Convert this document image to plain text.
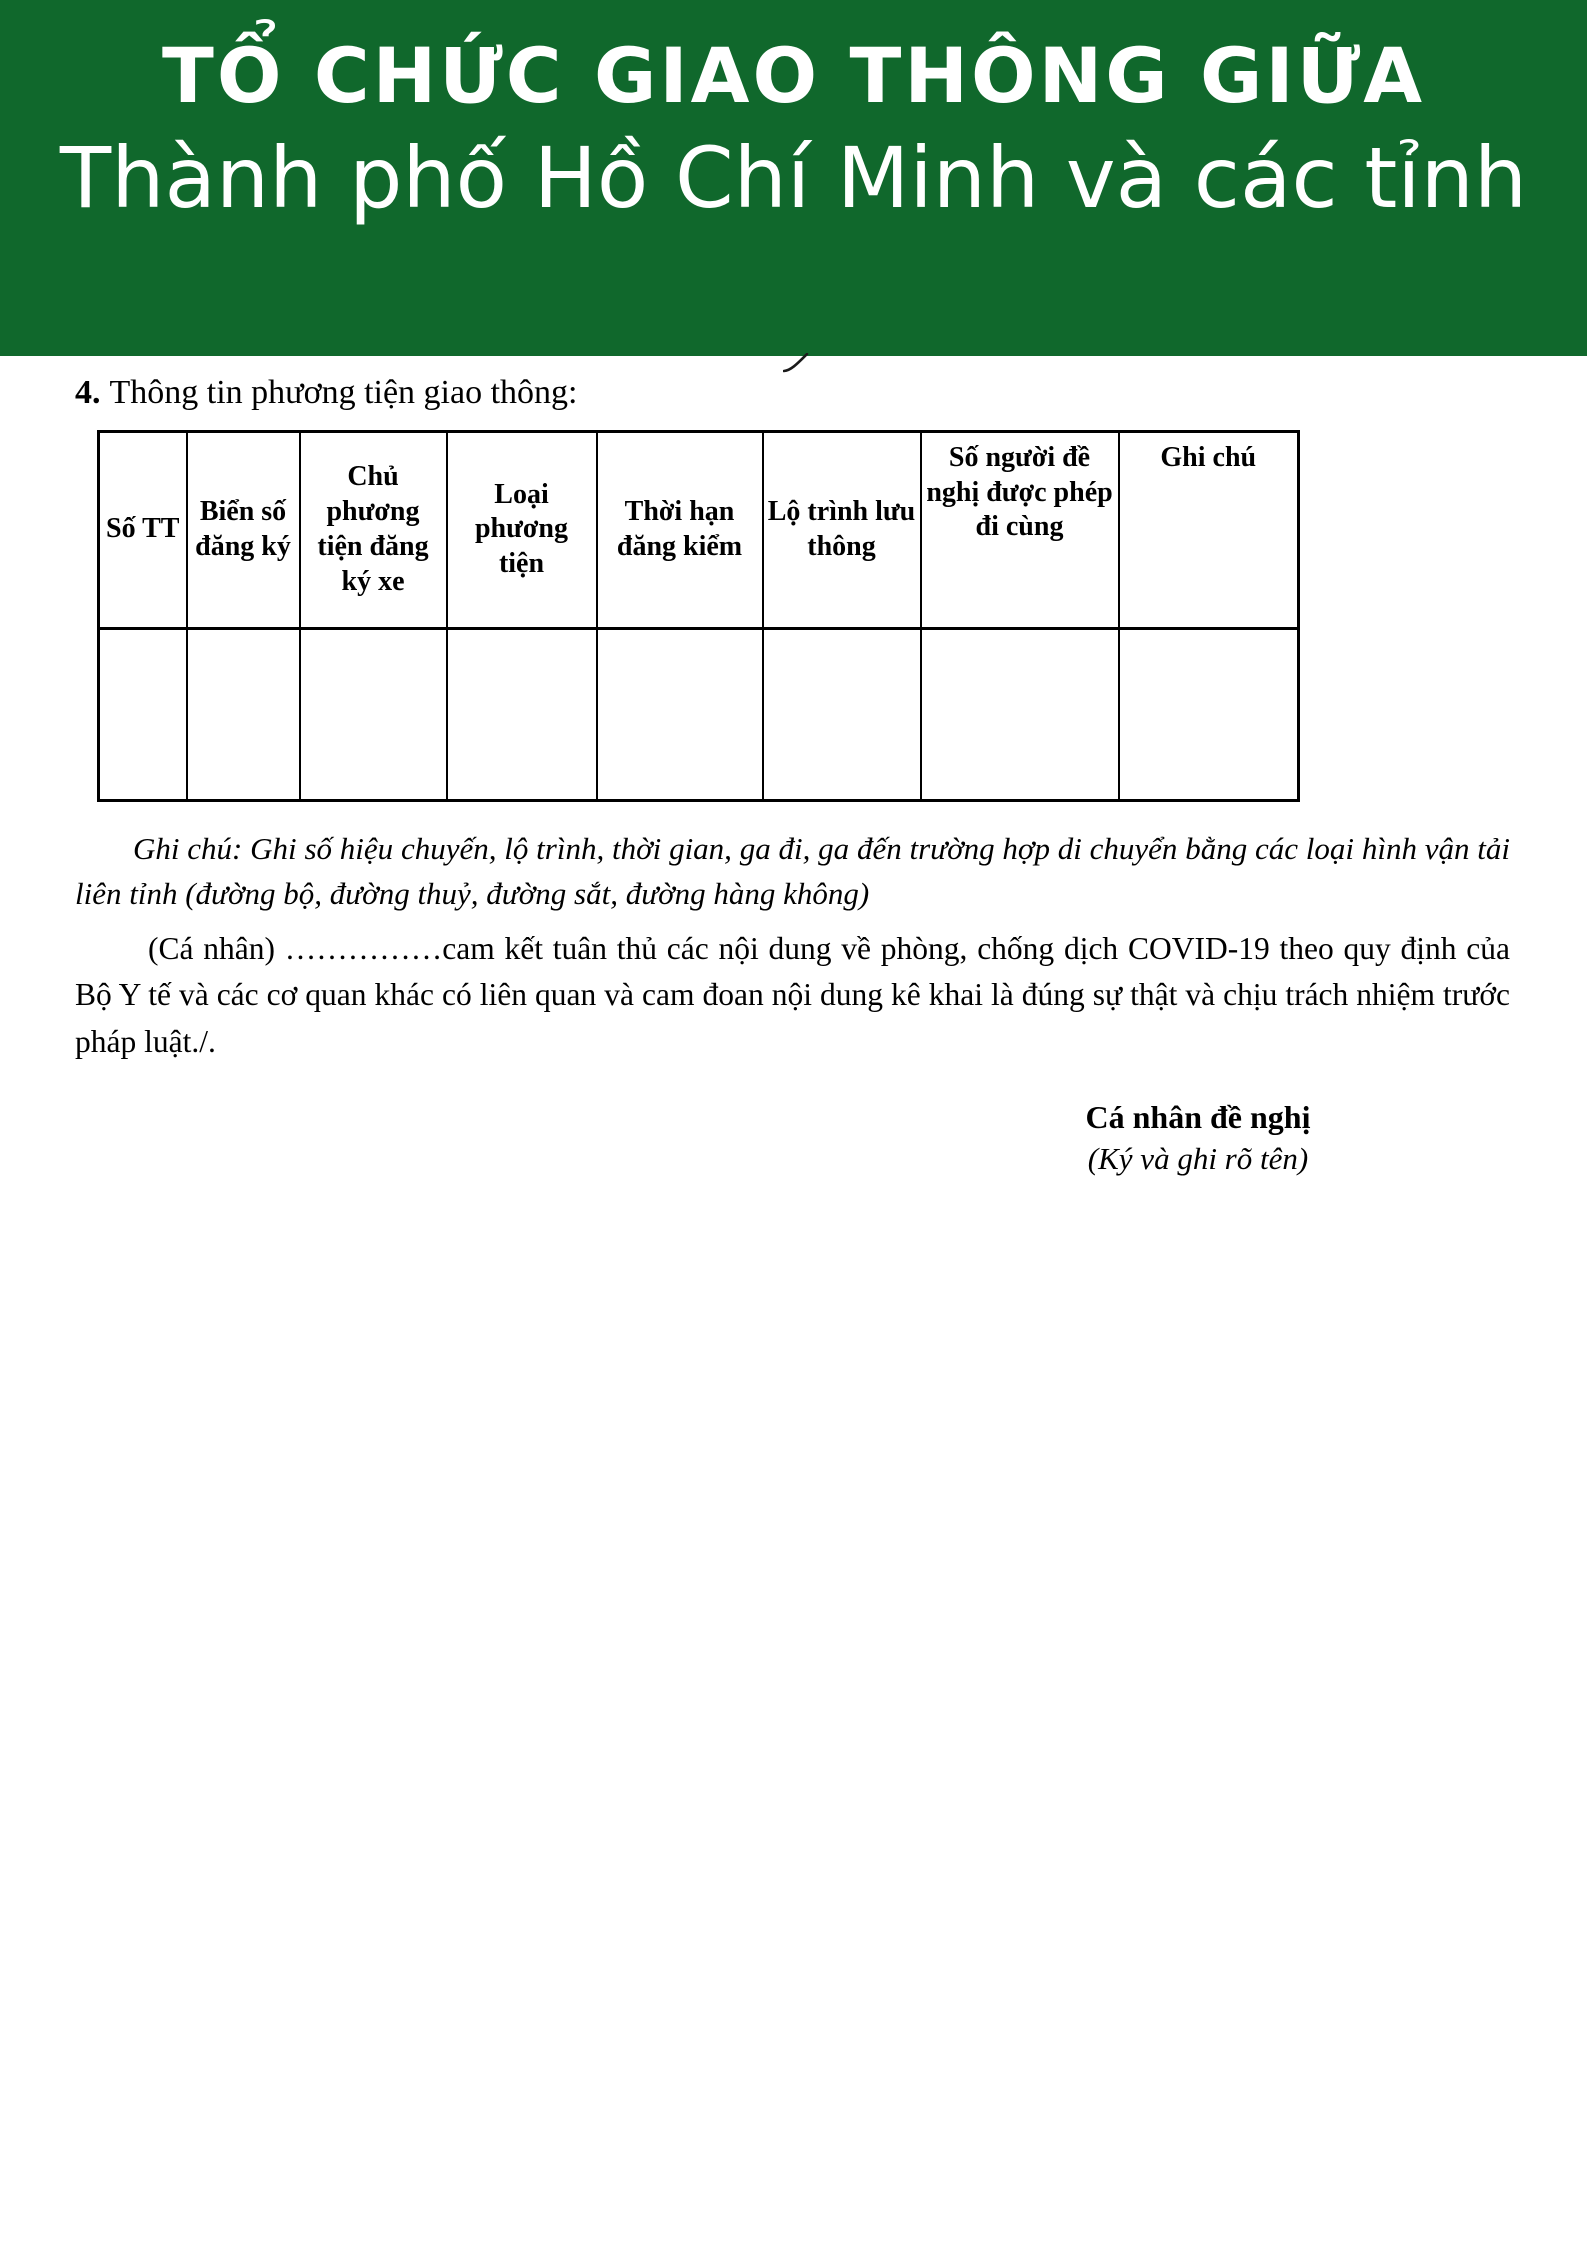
TỔ CHỨC GIAO THÔNG GIỮA
Thành phố Hồ Chí Minh và các tỉnh
4. Thông tin phương tiện giao thông:
Số TT	Biển số đăng ký	Chủ phương tiện đăng ký xe	Loại phương tiện	Thời hạn đăng kiểm	Lộ trình lưu thông	Số người đề nghị được phép đi cùng	Ghi chú

Ghi chú: Ghi số hiệu chuyến, lộ trình, thời gian, ga đi, ga đến trường hợp di chuyển bằng các loại hình vận tải liên tỉnh (đường bộ, đường thuỷ, đường sắt, đường hàng không)

(Cá nhân) ……………cam kết tuân thủ các nội dung về phòng, chống dịch COVID-19 theo quy định của Bộ Y tế và các cơ quan khác có liên quan và cam đoan nội dung kê khai là đúng sự thật và chịu trách nhiệm trước pháp luật./.

Cá nhân đề nghị
(Ký và ghi rõ tên)
